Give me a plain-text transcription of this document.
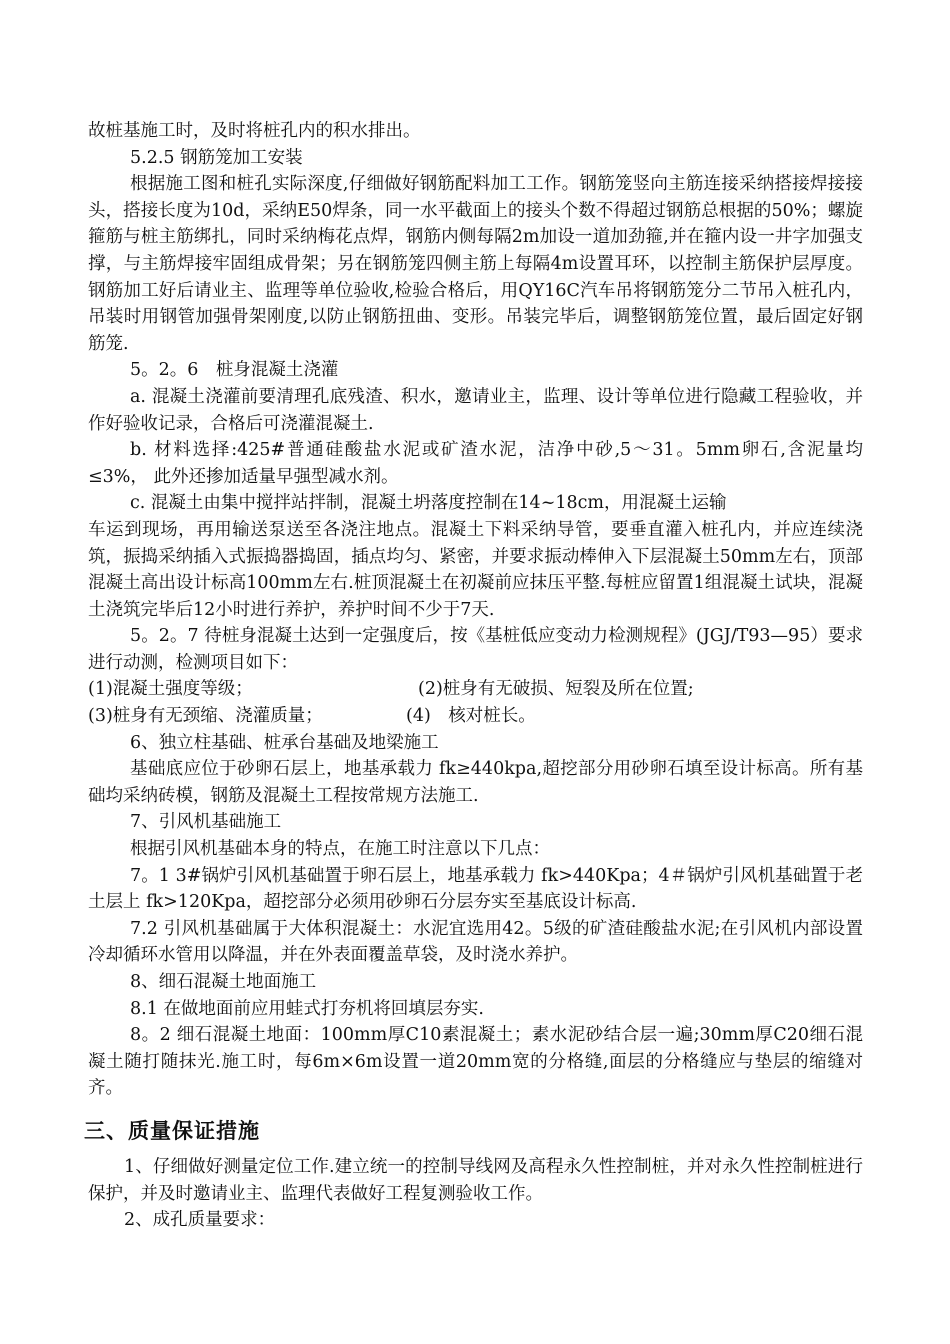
故桩基施工时，及时将桩孔内的积水排出。

5.2.5 钢筋笼加工安装

根据施工图和桩孔实际深度,仔细做好钢筋配料加工工作。钢筋笼竖向主筋连接采纳搭接焊接接头，搭接长度为10d，采纳E50焊条，同一水平截面上的接头个数不得超过钢筋总根据的50%；螺旋箍筋与桩主筋绑扎，同时采纳梅花点焊，钢筋内侧每隔2m加设一道加劲箍,并在箍内设一井字加强支撑，与主筋焊接牢固组成骨架；另在钢筋笼四侧主筋上每隔4m设置耳环，以控制主筋保护层厚度。钢筋加工好后请业主、监理等单位验收,检验合格后，用QY16C汽车吊将钢筋笼分二节吊入桩孔内，吊装时用钢管加强骨架刚度,以防止钢筋扭曲、变形。吊装完毕后，调整钢筋笼位置，最后固定好钢筋笼.

5。2。6　桩身混凝土浇灌

a. 混凝土浇灌前要清理孔底残渣、积水，邀请业主，监理、设计等单位进行隐藏工程验收，并作好验收记录，合格后可浇灌混凝土.

b. 材料选择:425#普通硅酸盐水泥或矿渣水泥，洁净中砂,5～31。5mm卵石,含泥量均 ≤3%， 此外还掺加适量早强型减水剂。

c. 混凝土由集中搅拌站拌制，混凝土坍落度控制在14~18cm，用混凝土运输

车运到现场，再用输送泵送至各浇注地点。混凝土下料采纳导管，要垂直灌入桩孔内，并应连续浇筑，振捣采纳插入式振捣器捣固，插点均匀、紧密，并要求振动棒伸入下层混凝土50mm左右，顶部混凝土高出设计标高100mm左右.桩顶混凝土在初凝前应抹压平整.每桩应留置1组混凝土试块，混凝土浇筑完毕后12小时进行养护，养护时间不少于7天.

5。2。7 待桩身混凝土达到一定强度后，按《基桩低应变动力检测规程》(JGJ/T93—95）要求进行动测，检测项目如下：

(1)混凝土强度等级；	(2)桩身有无破损、短裂及所在位置;

(3)桩身有无颈缩、浇灌质量；	(4)　核对桩长。

6、独立柱基础、桩承台基础及地梁施工

基础底应位于砂卵石层上，地基承载力 fk≥440kpa,超挖部分用砂卵石填至设计标高。所有基础均采纳砖模，钢筋及混凝土工程按常规方法施工.

7、引风机基础施工

根据引风机基础本身的特点，在施工时注意以下几点：

7。1 3#锅炉引风机基础置于卵石层上，地基承载力 fk>440Kpa；4＃锅炉引风机基础置于老土层上 fk>120Kpa，超挖部分必须用砂卵石分层夯实至基底设计标高.

7.2 引风机基础属于大体积混凝土：水泥宜选用42。5级的矿渣硅酸盐水泥;在引风机内部设置冷却循环水管用以降温，并在外表面覆盖草袋，及时浇水养护。

8、细石混凝土地面施工

8.1 在做地面前应用蛙式打夯机将回填层夯实.

8。2 细石混凝土地面：100mm厚C10素混凝土；素水泥砂结合层一遍;30mm厚C20细石混凝土随打随抹光.施工时，每6m×6m设置一道20mm宽的分格缝,面层的分格缝应与垫层的缩缝对齐。

三、质量保证措施

1、仔细做好测量定位工作.建立统一的控制导线网及高程永久性控制桩，并对永久性控制桩进行保护，并及时邀请业主、监理代表做好工程复测验收工作。

2、成孔质量要求：
